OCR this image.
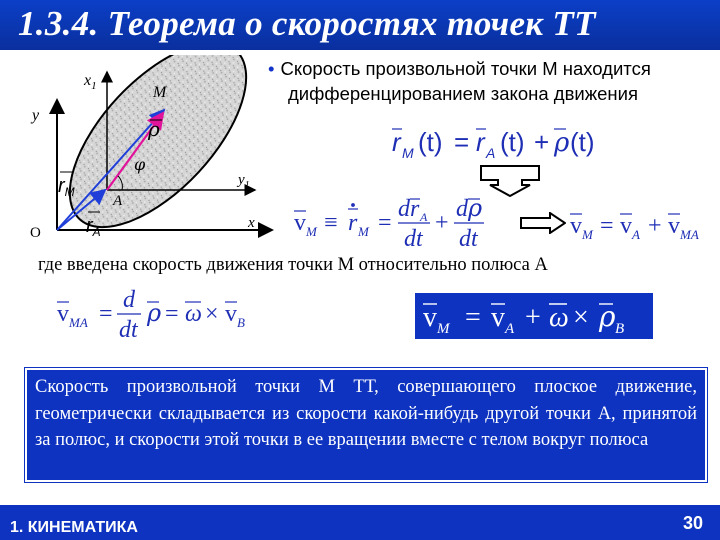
1.3.4. Теорема о скоростях точек ТТ
• Скорость произвольной точки М находится
дифференцированием закона движения
$x_1$	M
y
ρ
φ
$y_1$
$r_M$
A
O $r_A$
x
r M (t) = r A (t) + ρ (t)
v M ≡ r M =
dr A
dt
+
d ρ
dt	v M = v A + v MA
где введена скорость движения точки М относительно полюса А
v MA =
d
dt
ρ = ω × v B	v M = v A + ω × ρ B

Скорость произвольной точки М ТТ, совершающего плоское движение, геометрически складывается из скорости какой-нибудь другой точки А, принятой за полюс, и скорости этой точки в ее вращении вместе с телом вокруг полюса

1. КИНЕМАТИКА	30
